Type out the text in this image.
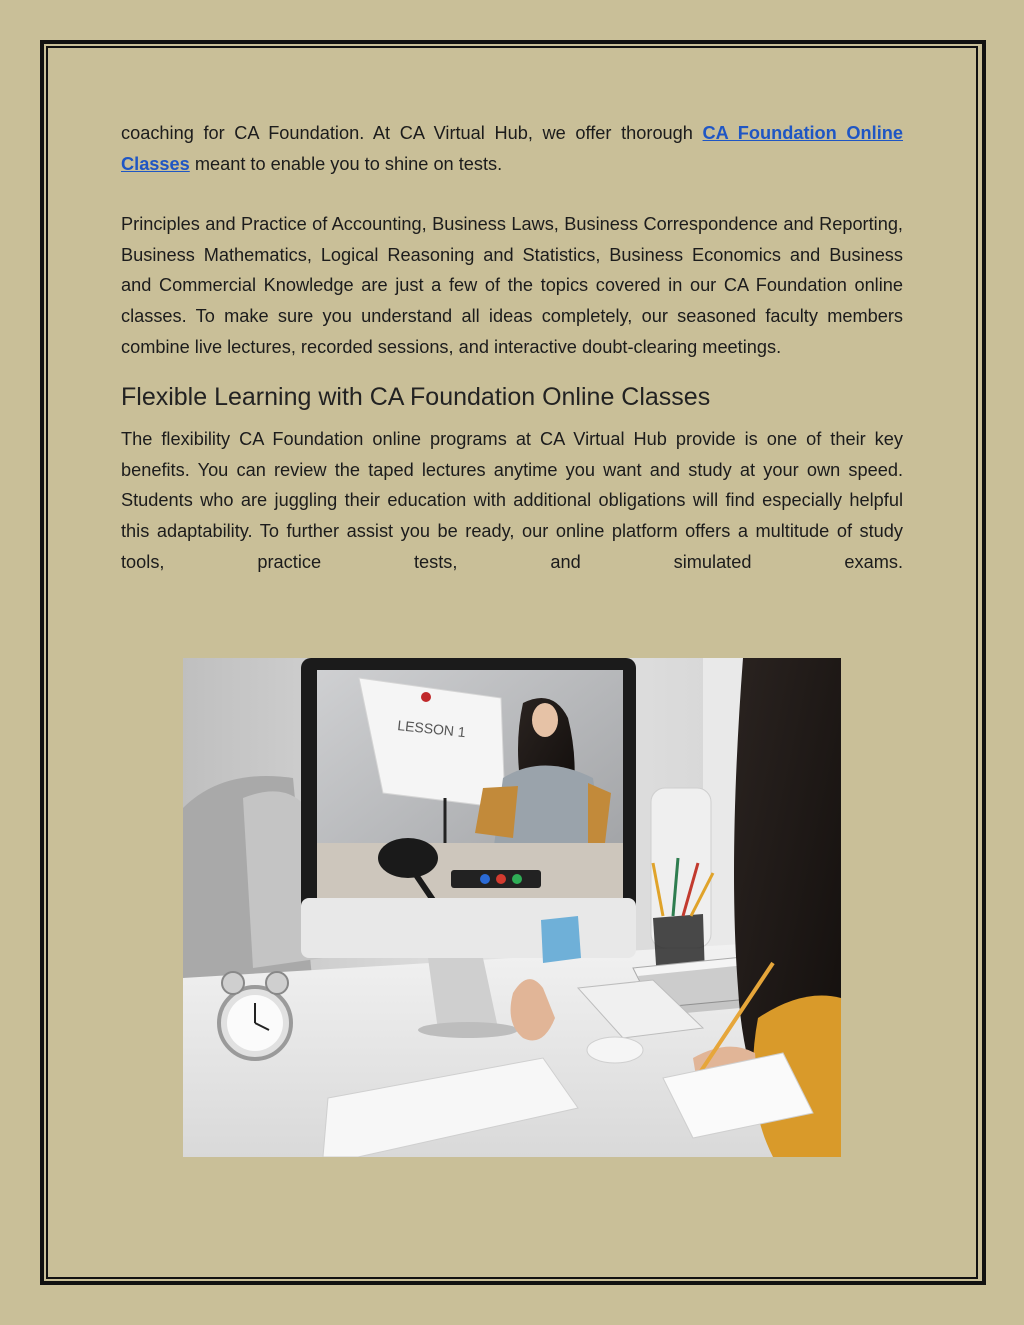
coaching for CA Foundation. At CA Virtual Hub, we offer thorough CA Foundation Online Classes meant to enable you to shine on tests.

Principles and Practice of Accounting, Business Laws, Business Correspondence and Reporting, Business Mathematics, Logical Reasoning and Statistics, Business Economics and Business and Commercial Knowledge are just a few of the topics covered in our CA Foundation online classes. To make sure you understand all ideas completely, our seasoned faculty members combine live lectures, recorded sessions, and interactive doubt-clearing meetings.

Flexible Learning with CA Foundation Online Classes

The flexibility CA Foundation online programs at CA Virtual Hub provide is one of their key benefits. You can review the taped lectures anytime you want and study at your own speed. Students who are juggling their education with additional obligations will find especially helpful this adaptability. To further assist you be ready, our online platform offers a multitude of study tools, practice tests, and simulated exams.

LESSON 1
